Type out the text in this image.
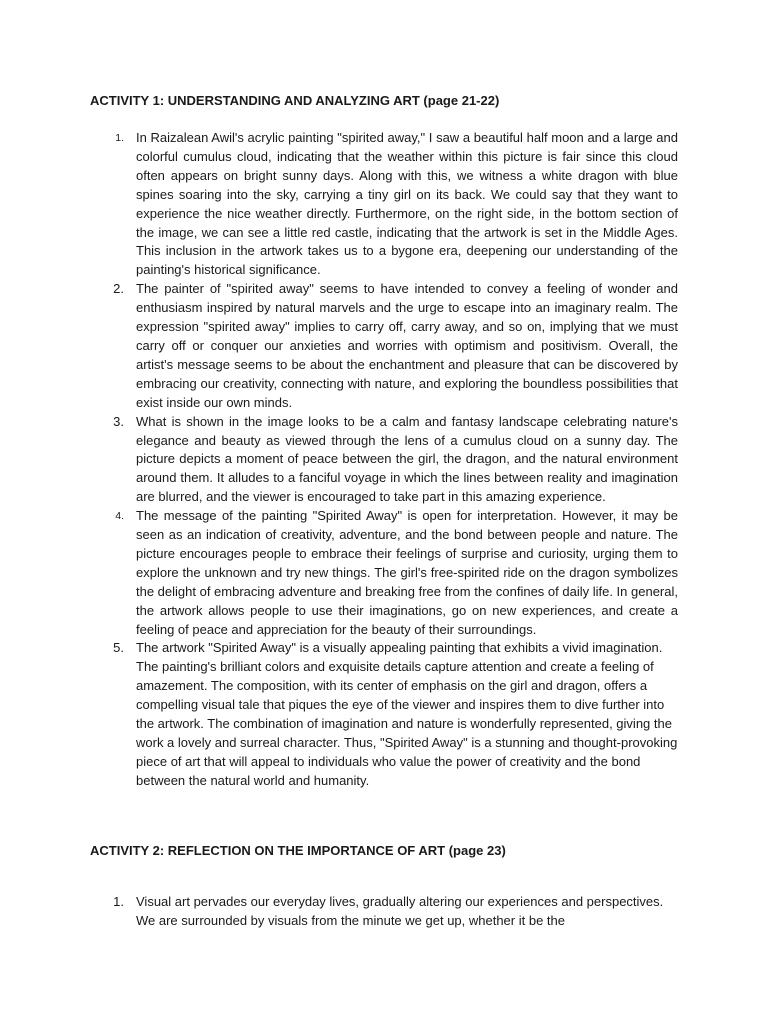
ACTIVITY 1: UNDERSTANDING AND ANALYZING ART (page 21-22)
1. In Raizalean Awil's acrylic painting "spirited away," I saw a beautiful half moon and a large and colorful cumulus cloud, indicating that the weather within this picture is fair since this cloud often appears on bright sunny days. Along with this, we witness a white dragon with blue spines soaring into the sky, carrying a tiny girl on its back. We could say that they want to experience the nice weather directly. Furthermore, on the right side, in the bottom section of the image, we can see a little red castle, indicating that the artwork is set in the Middle Ages. This inclusion in the artwork takes us to a bygone era, deepening our understanding of the painting's historical significance.
2. The painter of "spirited away" seems to have intended to convey a feeling of wonder and enthusiasm inspired by natural marvels and the urge to escape into an imaginary realm. The expression "spirited away" implies to carry off, carry away, and so on, implying that we must carry off or conquer our anxieties and worries with optimism and positivism. Overall, the artist's message seems to be about the enchantment and pleasure that can be discovered by embracing our creativity, connecting with nature, and exploring the boundless possibilities that exist inside our own minds.
3. What is shown in the image looks to be a calm and fantasy landscape celebrating nature's elegance and beauty as viewed through the lens of a cumulus cloud on a sunny day. The picture depicts a moment of peace between the girl, the dragon, and the natural environment around them. It alludes to a fanciful voyage in which the lines between reality and imagination are blurred, and the viewer is encouraged to take part in this amazing experience.
4. The message of the painting "Spirited Away" is open for interpretation. However, it may be seen as an indication of creativity, adventure, and the bond between people and nature. The picture encourages people to embrace their feelings of surprise and curiosity, urging them to explore the unknown and try new things. The girl's free-spirited ride on the dragon symbolizes the delight of embracing adventure and breaking free from the confines of daily life. In general, the artwork allows people to use their imaginations, go on new experiences, and create a feeling of peace and appreciation for the beauty of their surroundings.
5. The artwork "Spirited Away" is a visually appealing painting that exhibits a vivid imagination. The painting's brilliant colors and exquisite details capture attention and create a feeling of amazement. The composition, with its center of emphasis on the girl and dragon, offers a compelling visual tale that piques the eye of the viewer and inspires them to dive further into the artwork. The combination of imagination and nature is wonderfully represented, giving the work a lovely and surreal character. Thus, "Spirited Away" is a stunning and thought-provoking piece of art that will appeal to individuals who value the power of creativity and the bond between the natural world and humanity.
ACTIVITY 2: REFLECTION ON THE IMPORTANCE OF ART (page 23)
1. Visual art pervades our everyday lives, gradually altering our experiences and perspectives. We are surrounded by visuals from the minute we get up, whether it be the
